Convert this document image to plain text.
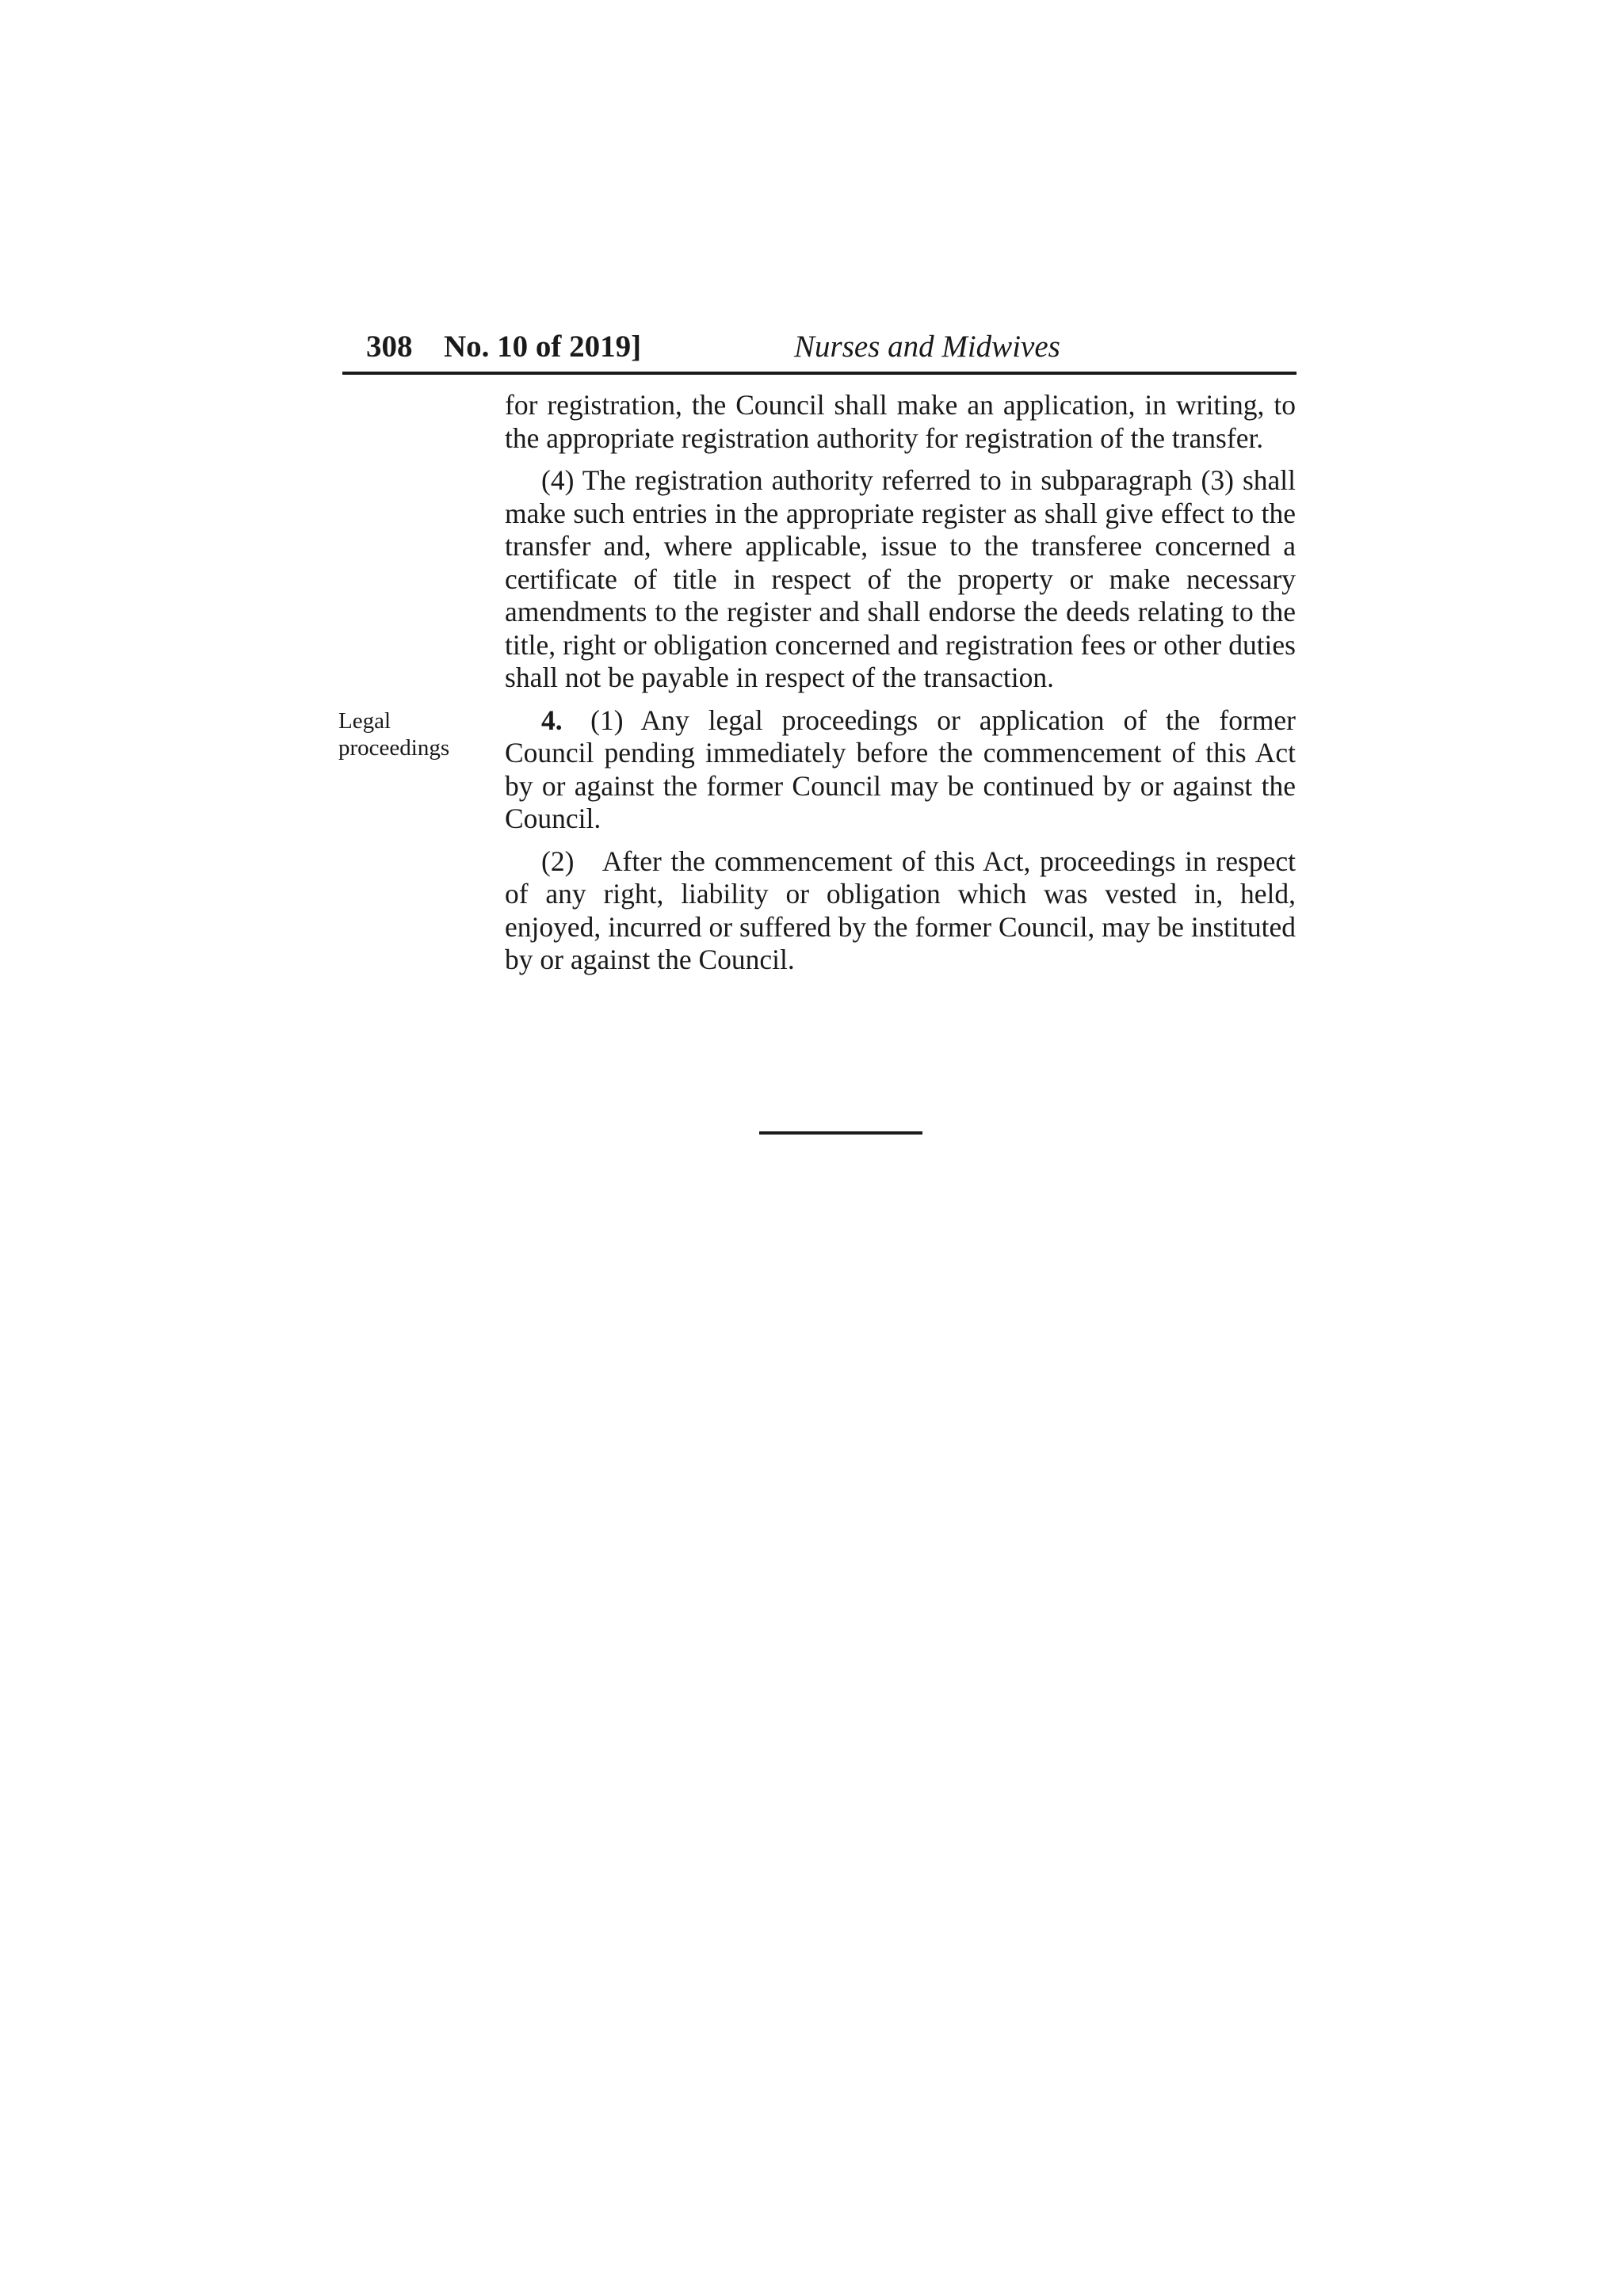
308 No. 10 of 2019]	Nurses and Midwives
Legal proceedings

for registration, the Council shall make an application, in writing, to the appropriate registration authority for registration of the transfer.

(4) The registration authority referred to in subparagraph (3) shall make such entries in the appropriate register as shall give effect to the transfer and, where applicable, issue to the transferee concerned a certificate of title in respect of the property or make necessary amendments to the register and shall endorse the deeds relating to the title, right or obligation concerned and registration fees or other duties shall not be payable in respect of the transaction.

4.  (1) Any legal proceedings or application of the former Council pending immediately before the commencement of this Act by or against the former Council may be continued by or against the Council.

(2) After the commencement of this Act, proceedings in respect of any right, liability or obligation which was vested in, held, enjoyed, incurred or suffered by the former Council, may be instituted by or against the Council.
